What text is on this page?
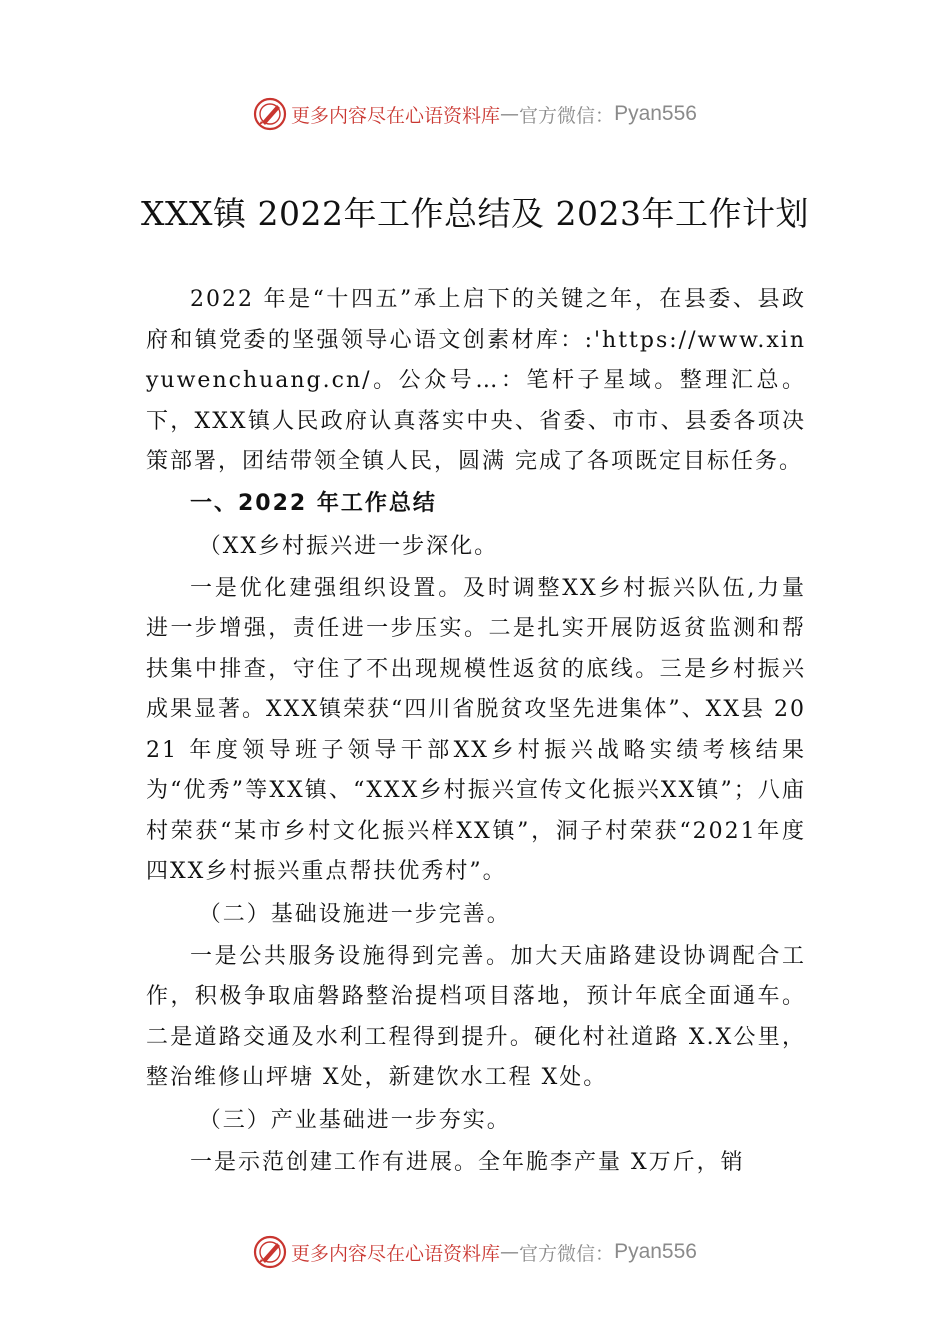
更多内容尽在心语资料库 — 官方微信： Pyan556
XXX镇 2022年工作总结及 2023年工作计划

2022 年是“十四五”承上启下的关键之年，在县委、县政府和镇党委的坚强领导心语文创素材库：:'https://www.xinyuwenchuang.cn/。公众号…：笔杆子星域。整理汇总。下，XXX镇人民政府认真落实中央、省委、市市、县委各项决策部署，团结带领全镇人民，圆满 完成了各项既定目标任务。

一、2022 年工作总结

（XX乡村振兴进一步深化。

一是优化建强组织设置。及时调整XX乡村振兴队伍,力量进一步增强，责任进一步压实。二是扎实开展防返贫监测和帮扶集中排查，守住了不出现规模性返贫的底线。三是乡村振兴成果显著。XXX镇荣获“四川省脱贫攻坚先进集体”、XX县 2021 年度领导班子领导干部XX乡村振兴战略实绩考核结果为“优秀”等XX镇、“XXX乡村振兴宣传文化振兴XX镇”；八庙村荣获“某市乡村文化振兴样XX镇”，洞子村荣获“2021年度四XX乡村振兴重点帮扶优秀村”。

（二）基础设施进一步完善。

一是公共服务设施得到完善。加大天庙路建设协调配合工作，积极争取庙磐路整治提档项目落地，预计年底全面通车。二是道路交通及水利工程得到提升。硬化村社道路 X.X公里，整治维修山坪塘 X处，新建饮水工程 X处。

（三）产业基础进一步夯实。

一是示范创建工作有进展。全年脆李产量 X万斤，销

更多内容尽在心语资料库 — 官方微信： Pyan556
